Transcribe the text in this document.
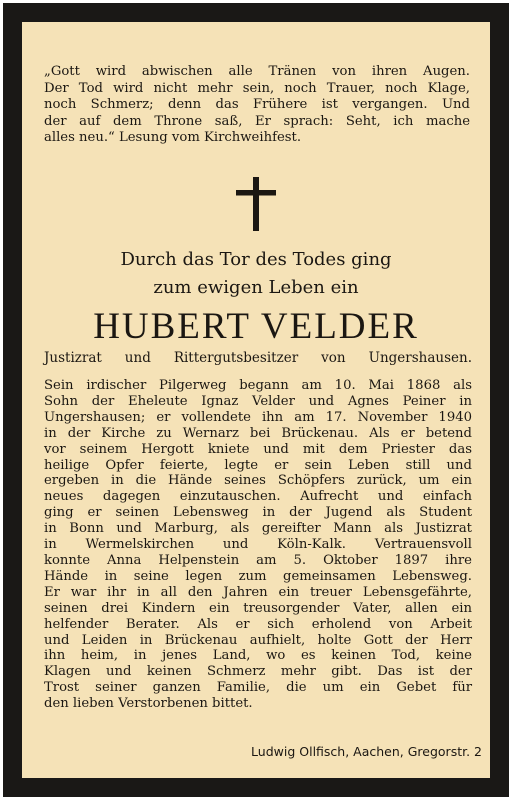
„Gott wird abwischen alle Tränen von ihren Augen.
Der Tod wird nicht mehr sein, noch Trauer, noch Klage,
noch Schmerz; denn das Frühere ist vergangen. Und
der auf dem Throne saß, Er sprach: Seht, ich mache
alles neu.“ Lesung vom Kirchweihfest.
Durch das Tor des Todes ging
zum ewigen Leben ein
HUBERT VELDER
Justizrat und Rittergutsbesitzer von Ungershausen.
Sein irdischer Pilgerweg begann am 10. Mai 1868 als
Sohn der Eheleute Ignaz Velder und Agnes Peiner in
Ungershausen; er vollendete ihn am 17. November 1940
in der Kirche zu Wernarz bei Brückenau. Als er betend
vor seinem Hergott kniete und mit dem Priester das
heilige Opfer feierte, legte er sein Leben still und
ergeben in die Hände seines Schöpfers zurück, um ein
neues dagegen einzutauschen. Aufrecht und einfach
ging er seinen Lebensweg in der Jugend als Student
in Bonn und Marburg, als gereifter Mann als Justizrat
in Wermelskirchen und Köln-Kalk. Vertrauensvoll
konnte Anna Helpenstein am 5. Oktober 1897 ihre
Hände in seine legen zum gemeinsamen Lebensweg.
Er war ihr in all den Jahren ein treuer Lebensgefährte,
seinen drei Kindern ein treusorgender Vater, allen ein
helfender Berater. Als er sich erholend von Arbeit
und Leiden in Brückenau aufhielt, holte Gott der Herr
ihn heim, in jenes Land, wo es keinen Tod, keine
Klagen und keinen Schmerz mehr gibt. Das ist der
Trost seiner ganzen Familie, die um ein Gebet für
den lieben Verstorbenen bittet.
Ludwig Ollfisch, Aachen, Gregorstr. 2
